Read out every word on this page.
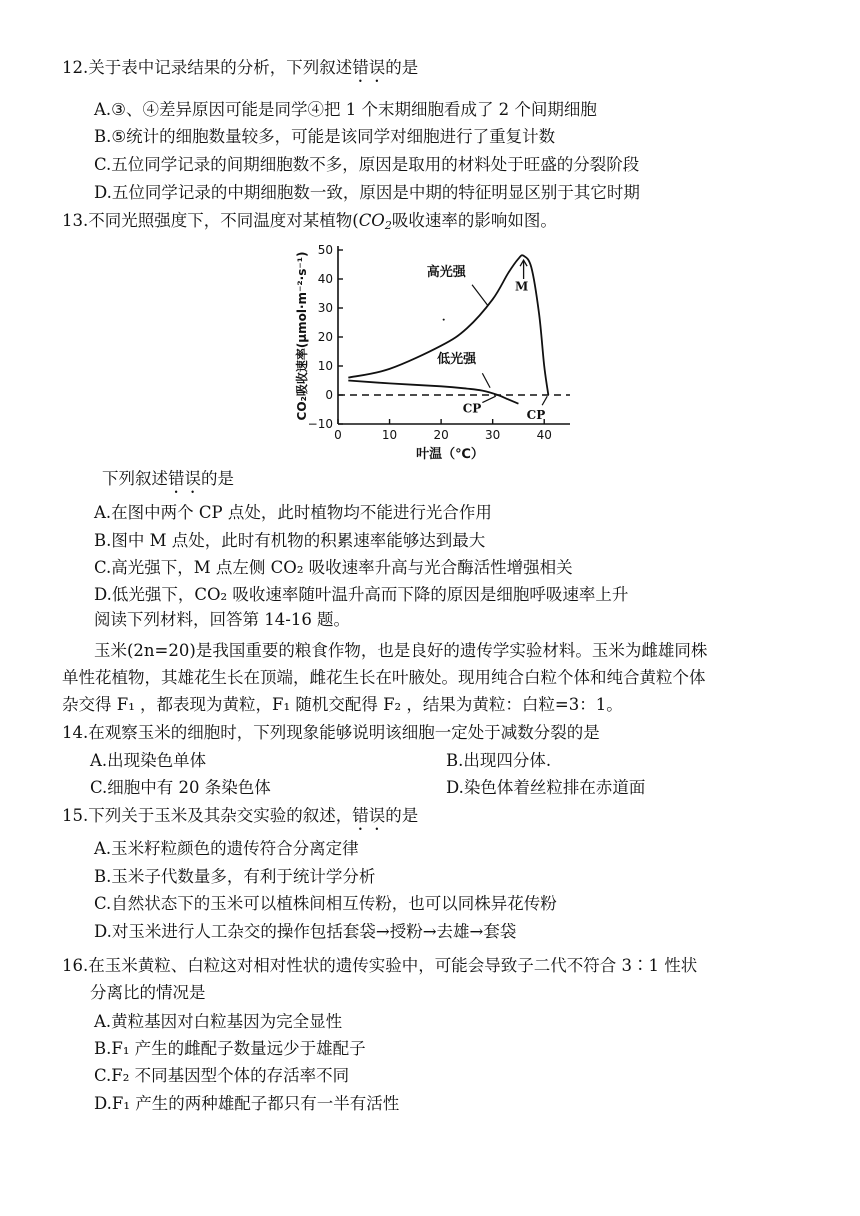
12.关于表中记录结果的分析，下列叙述错误的是
A.③、④差异原因可能是同学④把 1 个末期细胞看成了 2 个间期细胞
B.⑤统计的细胞数量较多，可能是该同学对细胞进行了重复计数
C.五位同学记录的间期细胞数不多，原因是取用的材料处于旺盛的分裂阶段
D.五位同学记录的中期细胞数一致，原因是中期的特征明显区别于其它时期
13.不同光照强度下，不同温度对某植物($CO_2$吸收速率的影响如图。
50
40
30
20
10
0
−10
0	10	20	30	40
高光强
低光强
M
CP	CP
CO₂吸收速率(μmol·m⁻²·s⁻¹)
叶温（℃）
下列叙述错误的是
A.在图中两个 CP 点处，此时植物均不能进行光合作用
B.图中 M 点处，此时有机物的积累速率能够达到最大
C.高光强下，M 点左侧 CO₂ 吸收速率升高与光合酶活性增强相关
D.低光强下，CO₂ 吸收速率随叶温升高而下降的原因是细胞呼吸速率上升
阅读下列材料，回答第 14-16 题。
玉米(2n=20)是我国重要的粮食作物，也是良好的遗传学实验材料。玉米为雌雄同株
单性花植物，其雄花生长在顶端，雌花生长在叶腋处。现用纯合白粒个体和纯合黄粒个体
杂交得 F₁ ，都表现为黄粒，F₁ 随机交配得 F₂ ，结果为黄粒：白粒=3：1。
14.在观察玉米的细胞时，下列现象能够说明该细胞一定处于减数分裂的是
A.出现染色单体	B.出现四分体.
C.细胞中有 20 条染色体	D.染色体着丝粒排在赤道面
15.下列关于玉米及其杂交实验的叙述，错误的是
A.玉米籽粒颜色的遗传符合分离定律
B.玉米子代数量多，有利于统计学分析
C.自然状态下的玉米可以植株间相互传粉，也可以同株异花传粉
D.对玉米进行人工杂交的操作包括套袋→授粉→去雄→套袋
16.在玉米黄粒、白粒这对相对性状的遗传实验中，可能会导致子二代不符合 3∶1 性状
分离比的情况是
A.黄粒基因对白粒基因为完全显性
B.F₁ 产生的雌配子数量远少于雄配子
C.F₂ 不同基因型个体的存活率不同
D.F₁ 产生的两种雄配子都只有一半有活性
